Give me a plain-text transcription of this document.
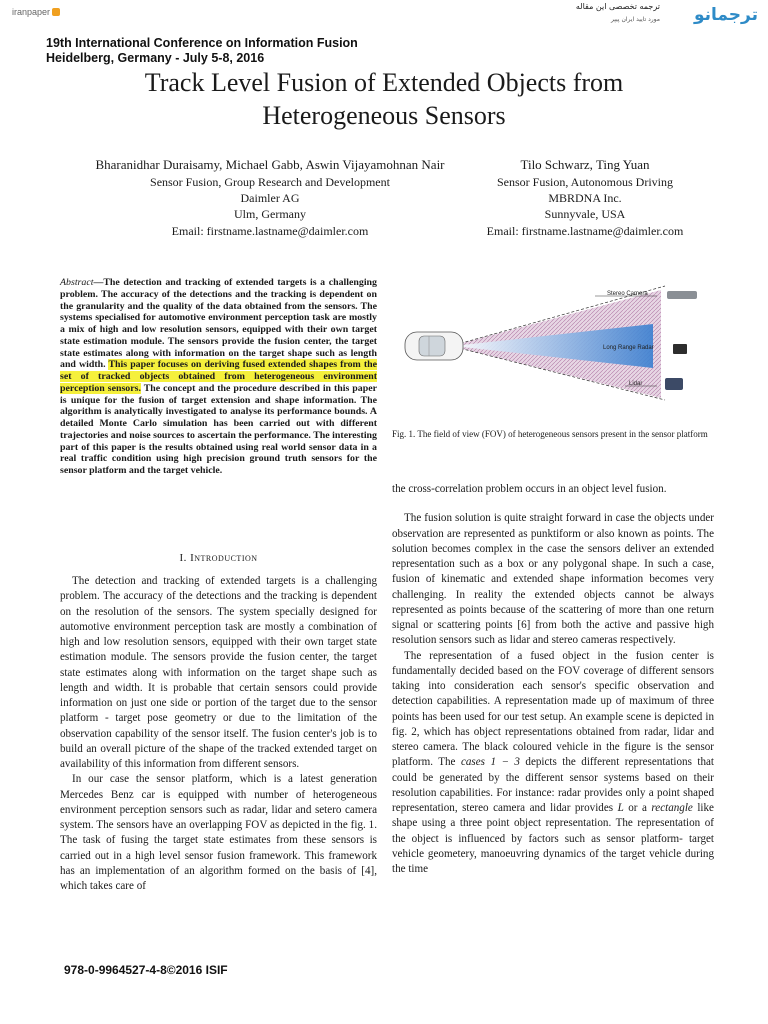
iranpaper
ترجمه تخصصی این مقاله
مورد تایید ایران پیپر ترجمانو
19th International Conference on Information Fusion
Heidelberg, Germany - July 5-8, 2016
Track Level Fusion of Extended Objects from
Heterogeneous Sensors
Bharanidhar Duraisamy, Michael Gabb, Aswin Vijayamohnan Nair
Sensor Fusion, Group Research and Development
Daimler AG
Ulm, Germany
Email: firstname.lastname@daimler.com
Tilo Schwarz, Ting Yuan
Sensor Fusion, Autonomous Driving
MBRDNA Inc.
Sunnyvale, USA
Email: firstname.lastname@daimler.com
Abstract—The detection and tracking of extended targets is a challenging problem. The accuracy of the detections and the tracking is dependent on the granularity and the quality of the data obtained from the sensors. The systems specialised for automotive environment perception task are mostly a mix of high and low resolution sensors, equipped with their own target state estimation module. The sensors provide the fusion center, the target state estimates along with information on the target shape such as length and width. This paper focuses on deriving fused extended shapes from the set of tracked objects obtained from heterogeneous environment perception sensors. The concept and the procedure described in this paper is unique for the fusion of target extension and shape information. The algorithm is analytically investigated to analyse its performance bounds. A detailed Monte Carlo simulation has been carried out with different trajectories and noise sources to ascertain the performance. The interesting part of this paper is the results obtained using real world sensor data in a real traffic condition using high precision ground truth sensors for the sensor platform and the target vehicle.
I. Introduction

The detection and tracking of extended targets is a challenging problem. The accuracy of the detections and the tracking is dependent on the resolution of the sensors. The system specially designed for automotive environment perception task are mostly a combination of high and low resolution sensors, equipped with their own target state estimation module. The sensors provide the fusion center, the target state estimates along with information on the target shape such as length and width. It is probable that certain sensors could provide information on just one side or portion of the target due to the sensor platform - target pose geometry or due to the limitation of the observation capability of the sensor itself. The fusion center's job is to build an overall picture of the shape of the tracked extended target on availability of this information from different sensors.

In our case the sensor platform, which is a latest generation Mercedes Benz car is equipped with number of heterogeneous environment perception sensors such as radar, lidar and setero camera system. The sensors have an overlapping FOV as depicted in the fig. 1. The task of fusing the target state estimates from these sensors is carried out in a high level sensor fusion framework. This framework has an implementation of an algorithm formed on the basis of [4], which takes care of

Stereo Camera
Long Range Radar
Lidar
Fig. 1. The field of view (FOV) of heterogeneous sensors present in the sensor platform
the cross-correlation problem occurs in an object level fusion.

The fusion solution is quite straight forward in case the objects under observation are represented as punktiform or also known as points. The solution becomes complex in the case the sensors deliver an extended representation such as a box or any polygonal shape. In such a case, fusion of kinematic and extended shape information becomes very challenging. In reality the extended objects cannot be always represented as points because of the scattering of more than one return signal or scattering points [6] from both the active and passive high resolution sensors such as lidar and stereo cameras respectively.

The representation of a fused object in the fusion center is fundamentally decided based on the FOV coverage of different sensors taking into consideration each sensor's specific observation and detection capabilities. A representation made up of maximum of three points has been used for our test setup. An example scene is depicted in fig. 2, which has object representations obtained from radar, lidar and stereo camera. The black coloured vehicle in the figure is the sensor platform. The cases 1 − 3 depicts the different representations that could be generated by the different sensor systems based on their resolution capabilities. For instance: radar provides only a point shaped representation, stereo camera and lidar provides L or a rectangle like shape using a three point object representation. The representation of the object is influenced by factors such as sensor platform- target vehicle geometery, manoeuvring dynamics of the target vehicle during the time

978-0-9964527-4-8©2016 ISIF
